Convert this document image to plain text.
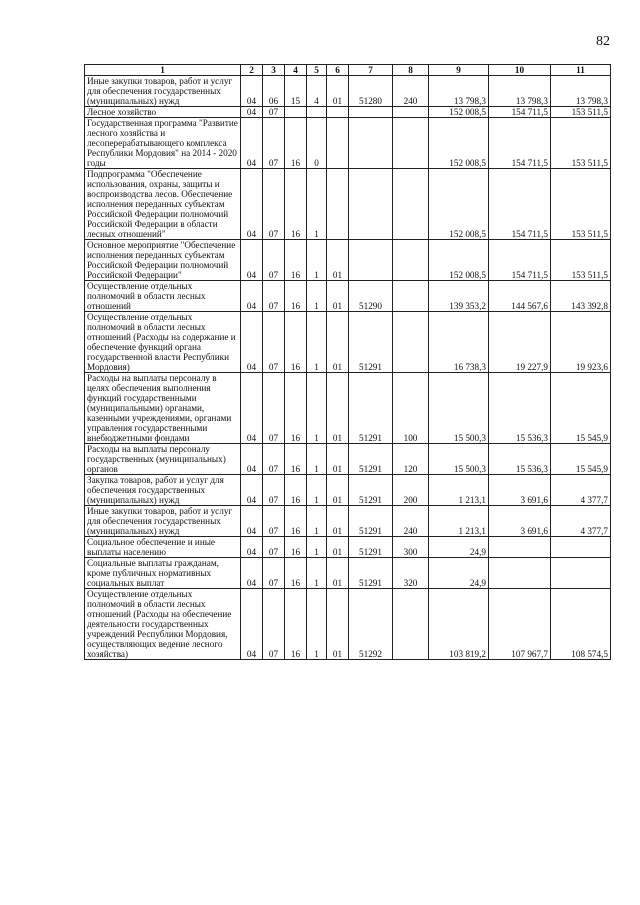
82
1	2	3	4	5	6	7	8	9	10	11
Иные закупки товаров, работ и услуг для обеспечения государственных (муниципальных) нужд	04	06	15	4	01	51280	240	13 798,3	13 798,3	13 798,3
Лесное хозяйство	04	07						152 008,5	154 711,5	153 511,5
Государственная программа "Развитие лесного хозяйства и лесоперерабатывающего комплекса Республики Мордовия" на 2014 - 2020 годы	04	07	16	0				152 008,5	154 711,5	153 511,5
Подпрограмма "Обеспечение использования, охраны, защиты и воспроизводства лесов. Обеспечение исполнения переданных субъектам Российской Федерации полномочий Российской Федерации в области лесных отношений"	04	07	16	1				152 008,5	154 711,5	153 511,5
Основное мероприятие "Обеспечение исполнения переданных субъектам Российской Федерации полномочий Российской Федерации"	04	07	16	1	01			152 008,5	154 711,5	153 511,5
Осуществление отдельных полномочий в области лесных отношений	04	07	16	1	01	51290		139 353,2	144 567,6	143 392,8
Осуществление отдельных полномочий в области лесных отношений (Расходы на содержание и обеспечение функций органа государственной власти Республики Мордовия)	04	07	16	1	01	51291		16 738,3	19 227,9	19 923,6
Расходы на выплаты персоналу в целях обеспечения выполнения функций государственными (муниципальными) органами, казенными учреждениями, органами управления государственными внебюджетными фондами	04	07	16	1	01	51291	100	15 500,3	15 536,3	15 545,9
Расходы на выплаты персоналу государственных (муниципальных) органов	04	07	16	1	01	51291	120	15 500,3	15 536,3	15 545,9
Закупка товаров, работ и услуг для обеспечения государственных (муниципальных) нужд	04	07	16	1	01	51291	200	1 213,1	3 691,6	4 377,7
Иные закупки товаров, работ и услуг для обеспечения государственных (муниципальных) нужд	04	07	16	1	01	51291	240	1 213,1	3 691,6	4 377,7
Социальное обеспечение и иные выплаты населению	04	07	16	1	01	51291	300	24,9		
Социальные выплаты гражданам, кроме публичных нормативных социальных выплат	04	07	16	1	01	51291	320	24,9		
Осуществление отдельных полномочий в области лесных отношений (Расходы на обеспечение деятельности государственных учреждений Республики Мордовия, осуществляющих ведение лесного хозяйства)	04	07	16	1	01	51292		103 819,2	107 967,7	108 574,5
